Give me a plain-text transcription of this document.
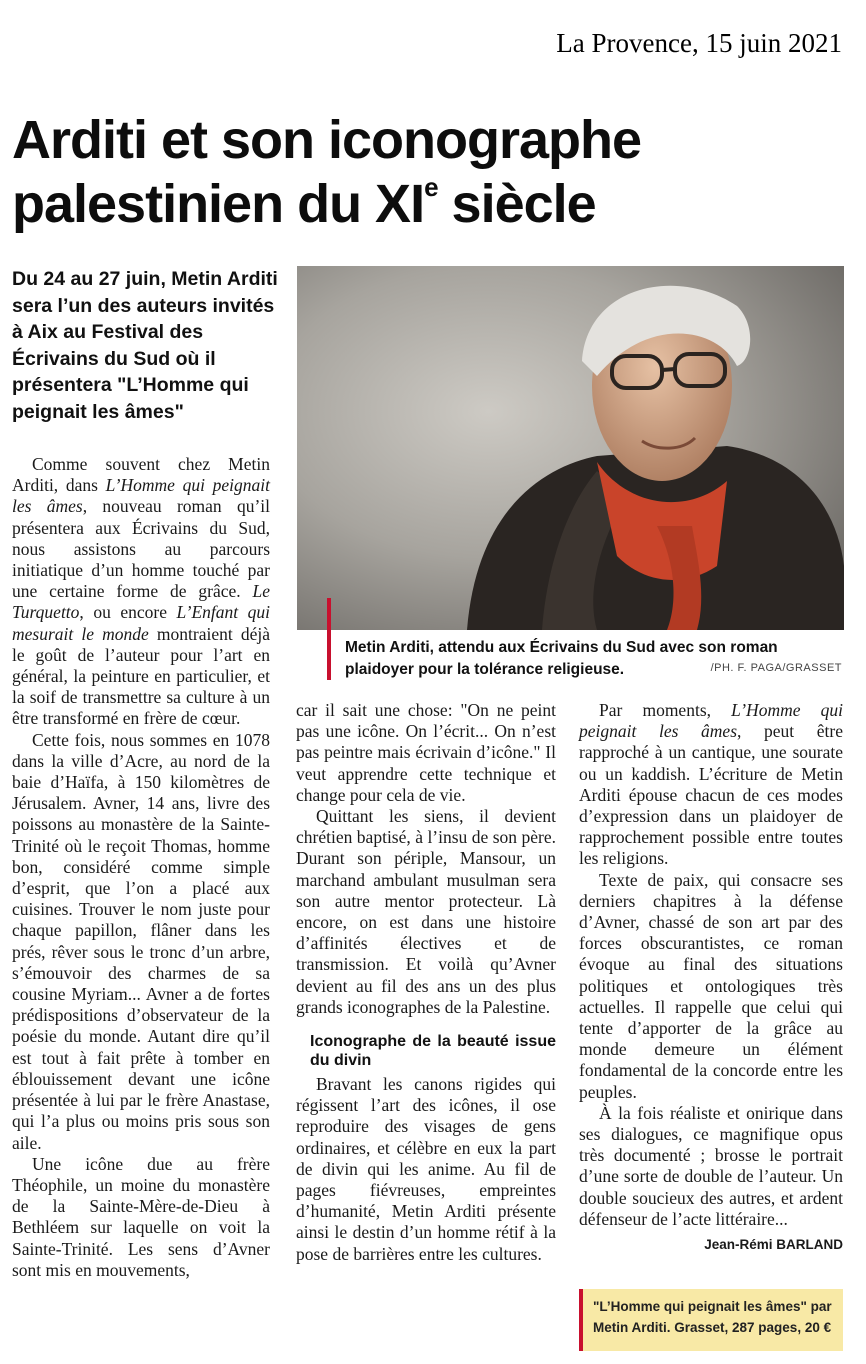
La Provence, 15 juin 2021
Arditi et son iconographe
palestinien du XIe siècle
Du 24 au 27 juin, Metin Arditi sera l’un des auteurs invités à Aix au Festival des Écrivains du Sud où il présentera "L’Homme qui peignait les âmes"
Metin Arditi, attendu aux Écrivains du Sud avec son roman plaidoyer pour la tolérance religieuse.	/PH. F. PAGA/GRASSET

Comme souvent chez Metin Arditi, dans L’Homme qui peignait les âmes, nouveau roman qu’il présentera aux Écrivains du Sud, nous assistons au parcours initiatique d’un homme touché par une certaine forme de grâce. Le Turquetto, ou encore L’Enfant qui mesurait le monde montraient déjà le goût de l’auteur pour l’art en général, la peinture en particulier, et la soif de transmettre sa culture à un être transformé en frère de cœur.

Cette fois, nous sommes en 1078 dans la ville d’Acre, au nord de la baie d’Haïfa, à 150 kilomètres de Jérusalem. Avner, 14 ans, livre des poissons au monastère de la Sainte-Trinité où le reçoit Thomas, homme bon, considéré comme simple d’esprit, que l’on a placé aux cuisines. Trouver le nom juste pour chaque papillon, flâner dans les prés, rêver sous le tronc d’un arbre, s’émouvoir des charmes de sa cousine Myriam... Avner a de fortes prédispositions d’observateur de la poésie du monde. Autant dire qu’il est tout à fait prête à tomber en éblouissement devant une icône présentée à lui par le frère Anastase, qui l’a plus ou moins pris sous son aile.

Une icône due au frère Théophile, un moine du monastère de la Sainte-Mère-de-Dieu à Bethléem sur laquelle on voit la Sainte-Trinité. Les sens d’Avner sont mis en mouvements,

car il sait une chose: "On ne peint pas une icône. On l’écrit... On n’est pas peintre mais écrivain d’icône." Il veut apprendre cette technique et change pour cela de vie.

Quittant les siens, il devient chrétien baptisé, à l’insu de son père. Durant son périple, Mansour, un marchand ambulant musulman sera son autre mentor protecteur. Là encore, on est dans une histoire d’affinités électives et de transmission. Et voilà qu’Avner devient au fil des ans un des plus grands iconographes de la Palestine.

Iconographe de la beauté issue du divin

Bravant les canons rigides qui régissent l’art des icônes, il ose reproduire des visages de gens ordinaires, et célèbre en eux la part de divin qui les anime. Au fil de pages fiévreuses, empreintes d’humanité, Metin Arditi présente ainsi le destin d’un homme rétif à la pose de barrières entre les cultures.

Par moments, L’Homme qui peignait les âmes, peut être rapproché à un cantique, une sourate ou un kaddish. L’écriture de Metin Arditi épouse chacun de ces modes d’expression dans un plaidoyer de rapprochement possible entre toutes les religions.

Texte de paix, qui consacre ses derniers chapitres à la défense d’Avner, chassé de son art par des forces obscurantistes, ce roman évoque au final des situations politiques et ontologiques très actuelles. Il rappelle que celui qui tente d’apporter de la grâce au monde demeure un élément fondamental de la concorde entre les peuples.

À la fois réaliste et onirique dans ses dialogues, ce magnifique opus très documenté ; brosse le portrait d’une sorte de double de l’auteur. Un double soucieux des autres, et ardent défenseur de l’acte littéraire...

Jean-Rémi BARLAND
"L’Homme qui peignait les âmes" par
Metin Arditi. Grasset, 287 pages, 20 €
